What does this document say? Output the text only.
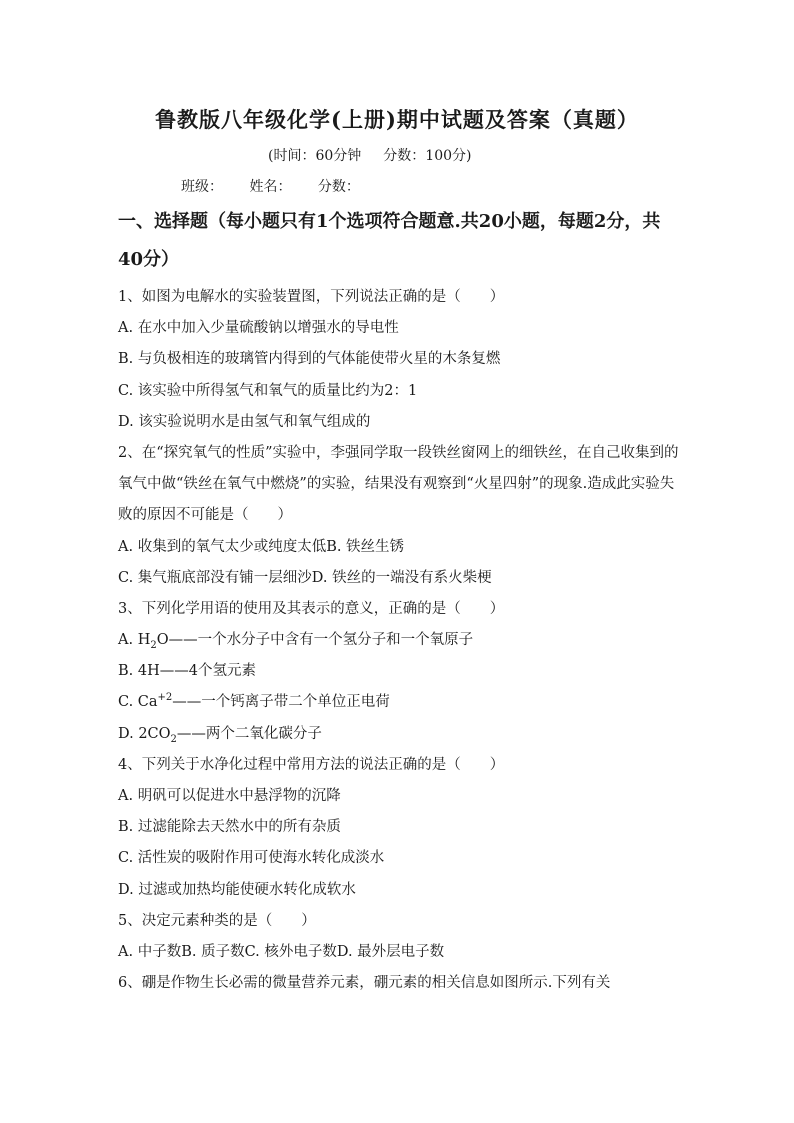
鲁教版八年级化学(上册)期中试题及答案（真题）
(时间：60分钟 分数：100分)
班级： 姓名： 分数：
一、选择题（每小题只有1个选项符合题意.共20小题，每题2分，共40分）
1、如图为电解水的实验装置图，下列说法正确的是（　　）
A. 在水中加入少量硫酸钠以增强水的导电性
B. 与负极相连的玻璃管内得到的气体能使带火星的木条复燃
C. 该实验中所得氢气和氧气的质量比约为2：1
D. 该实验说明水是由氢气和氧气组成的
2、在“探究氧气的性质”实验中，李强同学取一段铁丝窗网上的细铁丝，在自己收集到的氧气中做“铁丝在氧气中燃烧”的实验，结果没有观察到“火星四射”的现象.造成此实验失败的原因不可能是（　　）
A. 收集到的氧气太少或纯度太低B. 铁丝生锈
C. 集气瓶底部没有铺一层细沙D. 铁丝的一端没有系火柴梗
3、下列化学用语的使用及其表示的意义，正确的是（　　）
A. $H_2O——$一个水分子中含有一个氢分子和一个氧原子
B. 4H——4个氢元素
C. $Ca^{+2}——$一个钙离子带二个单位正电荷
D. $2CO_2——$两个二氧化碳分子
4、下列关于水净化过程中常用方法的说法正确的是（　　）
A. 明矾可以促进水中悬浮物的沉降
B. 过滤能除去天然水中的所有杂质
C. 活性炭的吸附作用可使海水转化成淡水
D. 过滤或加热均能使硬水转化成软水
5、决定元素种类的是（　　）
A. 中子数B. 质子数C. 核外电子数D. 最外层电子数
6、硼是作物生长必需的微量营养元素，硼元素的相关信息如图所示.下列有关
